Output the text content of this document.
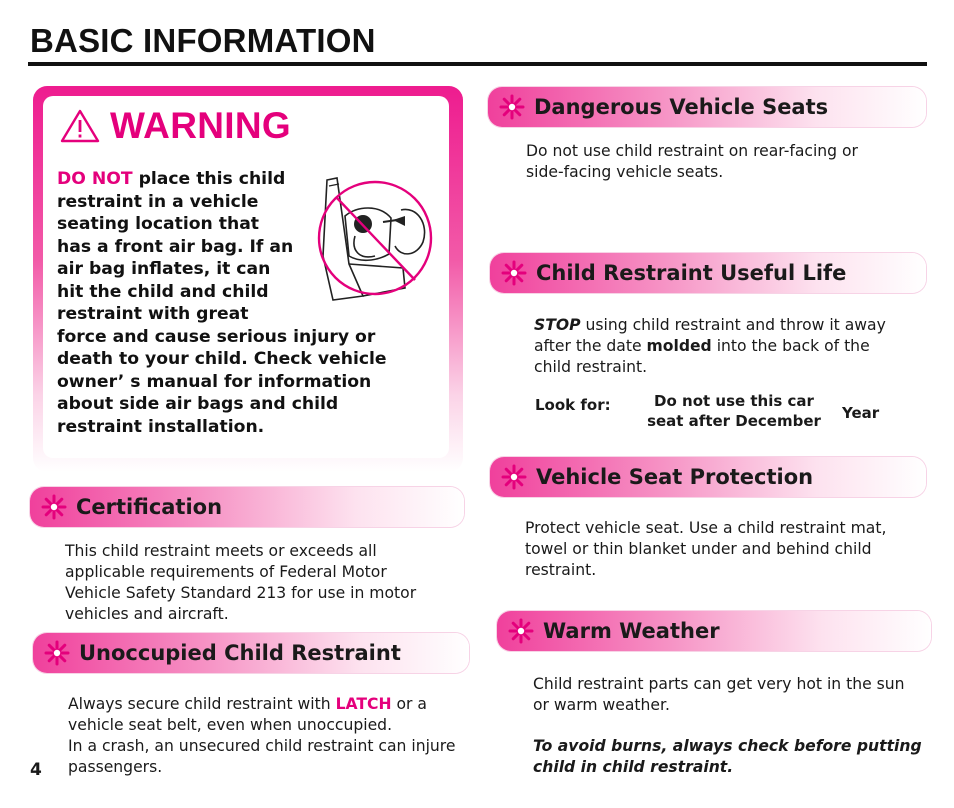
BASIC INFORMATION
WARNING

DO NOT place this child restraint in a vehicle seating location that has a front air bag. If an air bag inflates, it can hit the child and child restraint with great force and cause serious injury or death to your child. Check vehicle owner’ s manual for information about side air bags and child restraint installation.

Certification

This child restraint meets or exceeds all applicable requirements of Federal Motor Vehicle Safety Standard 213 for use in motor vehicles and aircraft.

Unoccupied Child Restraint

Always secure child restraint with LATCH or a vehicle seat belt, even when unoccupied.
In a crash, an unsecured child restraint can injure passengers.

4
Dangerous Vehicle Seats

Do not use child restraint on rear-facing or side-facing vehicle seats.

Child Restraint Useful Life

STOP using child restraint and throw it away after the date molded into the back of the child restraint.

Look for:	Do not use this car
seat after December	Year
Vehicle Seat Protection

Protect vehicle seat. Use a child restraint mat, towel or thin blanket under and behind child restraint.

Warm Weather

Child restraint parts can get very hot in the sun or warm weather.

To avoid burns, always check before putting child in child restraint.
